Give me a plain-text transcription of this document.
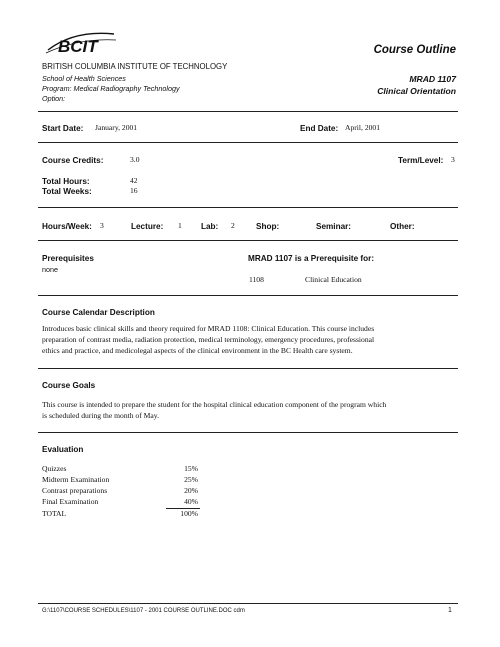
BCIT
BRITISH COLUMBIA INSTITUTE OF TECHNOLOGY
School of Health Sciences
Program: Medical Radiography Technology
Option:
Course Outline
MRAD 1107
Clinical Orientation
Start Date: January, 2001	End Date: April, 2001
Course Credits:	3.0	Term/Level: 3
Total Hours:	42
Total Weeks:	16
Hours/Week: 3	Lecture: 1 Lab: 2	Shop:	Seminar:	Other:
Prerequisites
none
MRAD 1107 is a Prerequisite for:
1108	Clinical Education
Course Calendar Description
Introduces basic clinical skills and theory required for MRAD 1108: Clinical Education. This course includes
preparation of contrast media, radiation protection, medical terminology, emergency procedures, professional
ethics and practice, and medicolegal aspects of the clinical environment in the BC Health care system.
Course Goals
This course is intended to prepare the student for the hospital clinical education component of the program which
is scheduled during the month of May.
Evaluation
Quizzes	15%
Midterm Examination	25%
Contrast preparations	20%
Final Examination	40%
TOTAL	100%
G:\1107\COURSE SCHEDULES\1107 - 2001 COURSE OUTLINE.DOC cdm	1
